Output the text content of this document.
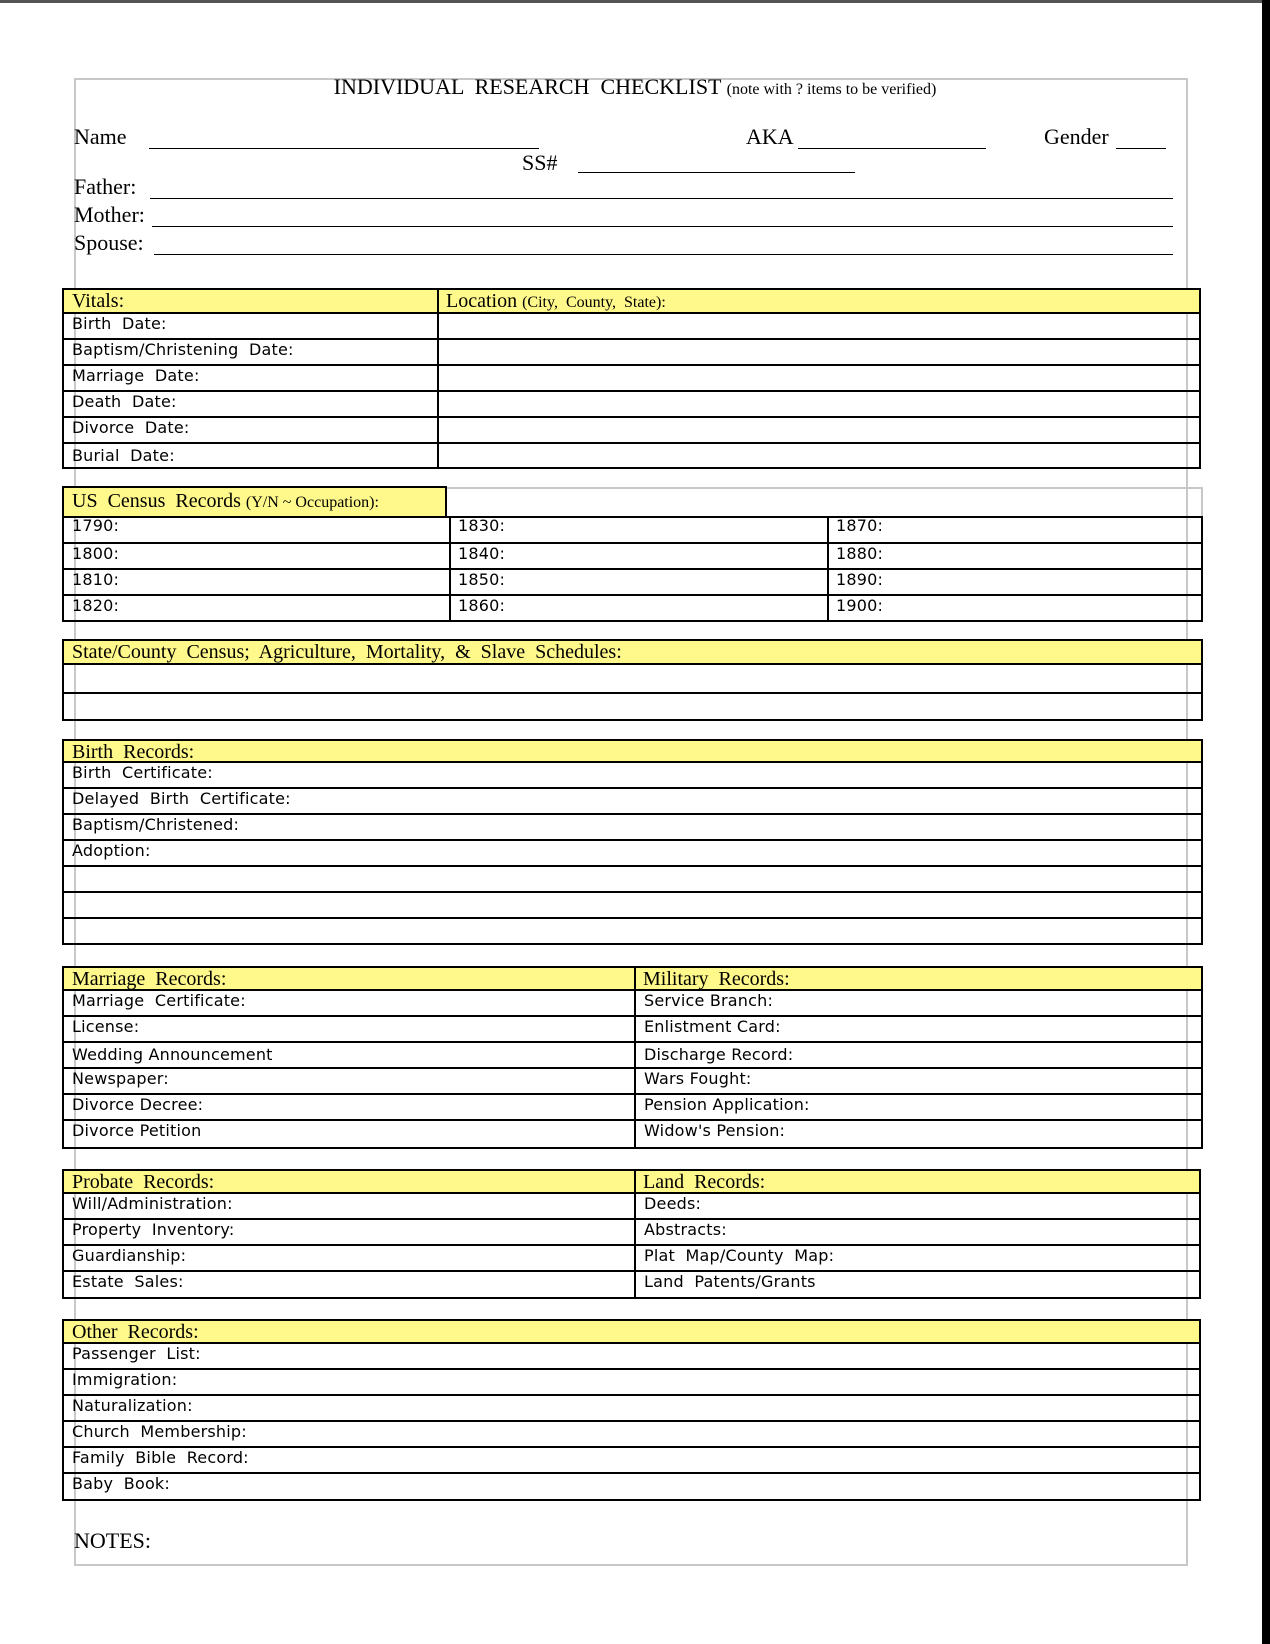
INDIVIDUAL  RESEARCH  CHECKLIST (note with ? items to be verified)
Name	AKA	Gender
SS#
Father:
Mother:
Spouse:
Vitals:	Location (City,  County,  State):
Birth  Date:
Baptism/Christening  Date:
Marriage  Date:
Death  Date:
Divorce  Date:
Burial  Date:
US  Census  Records (Y/N ~ Occupation):
1790:	1830:	1870:
1800:	1840:	1880:
1810:	1850:	1890:
1820:	1860:	1900:
State/County  Census;  Agriculture,  Mortality,  &  Slave  Schedules:
Birth  Records:
Birth  Certificate:
Delayed  Birth  Certificate:
Baptism/Christened:
Adoption:
Marriage  Records:	Military  Records:
Marriage  Certificate:	Service Branch:
License:	Enlistment Card:
Wedding Announcement	Discharge Record:
Newspaper:	Wars Fought:
Divorce Decree:	Pension Application:
Divorce Petition	Widow's Pension:
Probate  Records:	Land  Records:
Will/Administration:	Deeds:
Property  Inventory:	Abstracts:
Guardianship:	Plat  Map/County  Map:
Estate  Sales:	Land  Patents/Grants
Other  Records:
Passenger  List:
Immigration:
Naturalization:
Church  Membership:
Family  Bible  Record:
Baby  Book:
NOTES:
